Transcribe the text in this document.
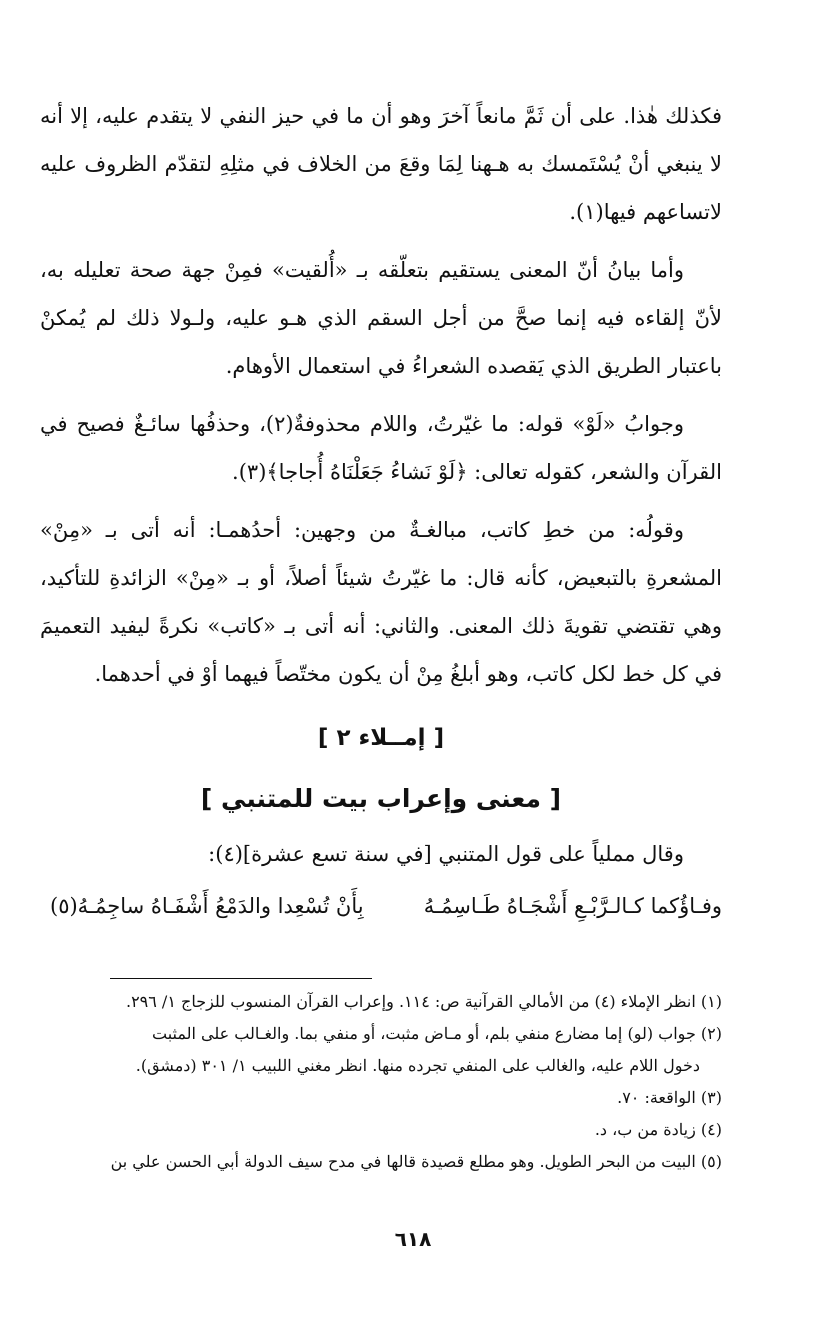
فكذلك هٰذا. على أن ثَمَّ مانعاً آخرَ وهو أن ما في حيز النفي لا يتقدم عليه، إلا أنه لا ينبغي أنْ يُسْتَمسك به هـهنا لِمَا وقعَ من الخلاف في مثلِهِ لتقدّم الظروف عليه لاتساعهم فيها(١).

وأما بيانُ أنّ المعنى يستقيم بتعلّقه بـ «أُلقيت» فمِنْ جهة صحة تعليله به، لأنّ إلقاءه فيه إنما صحَّ من أجل السقم الذي هـو عليه، ولـولا ذلك لم يُمكنْ باعتبار الطريق الذي يَقصده الشعراءُ في استعمال الأوهام.

وجوابُ «لَوْ» قوله: ما غيّرتُ، واللام محذوفةٌ(٢)، وحذفُها سائـغٌ فصيح في القرآن والشعر، كقوله تعالى: ﴿لَوْ نَشاءُ جَعَلْنَاهُ أُجاجا﴾(٣).

وقولُه: من خطِ كاتب، مبالغـةٌ من وجهين: أحدُهمـا: أنه أتى بـ «مِنْ» المشعرةِ بالتبعيض، كأنه قال: ما غيّرتُ شيئاً أصلاً، أو بـ «مِنْ» الزائدةِ للتأكيد، وهي تقتضي تقويةَ ذلك المعنى. والثاني: أنه أتى بـ «كاتب» نكرةً ليفيد التعميمَ في كل خط لكل كاتب، وهو أبلغُ مِنْ أن يكون مختّصاً فيهما أوْ في أحدهما.

[ إمــلاء ٢ ]

[ معنى وإعراب بيت للمتنبي ]

وقال مملياً على قول المتنبي [في سنة تسع عشرة](٤):

وفـاؤُكما كـالـرَّبْـعِ أَشْجَـاهُ طَـاسِمُـهُ
بِأَنْ تُسْعِدا والدَمْعُ أَشْفَـاهُ ساجِمُـهُ(٥)

(١) انظر الإملاء (٤) من الأمالي القرآنية ص: ١١٤. وإعراب القرآن المنسوب للزجاج ١/ ٢٩٦.

(٢) جواب (لو) إما مضارع منفي بلم، أو مـاض مثبت، أو منفي بما. والغـالب على المثبت

دخول اللام عليه، والغالب على المنفي تجرده منها. انظر مغني اللبيب ١/ ٣٠١ (دمشق).

(٣) الواقعة: ٧٠.

(٤) زيادة من ب، د.

(٥) البيت من البحر الطويل. وهو مطلع قصيدة قالها في مدح سيف الدولة أبي الحسن علي بن

٦١٨
